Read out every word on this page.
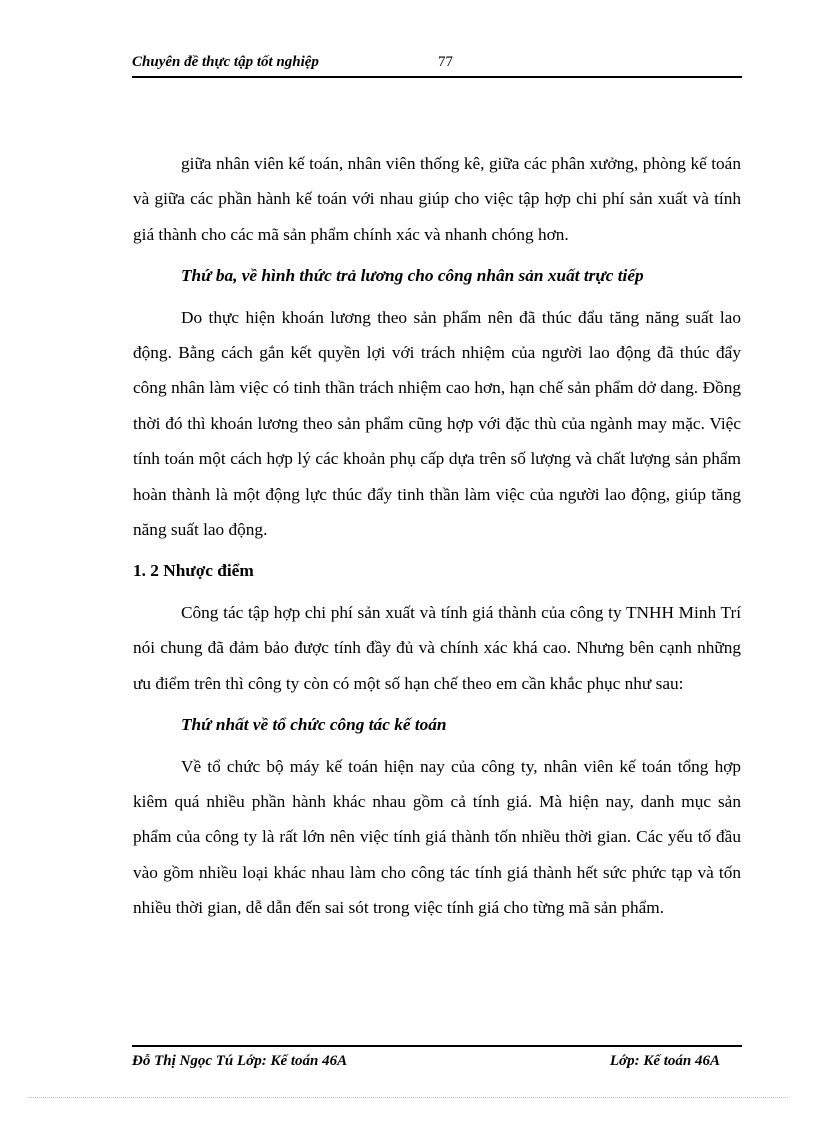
Chuyên đề thực tập tốt nghiệp	77

giữa nhân viên kế toán, nhân viên thống kê, giữa các phân xưởng, phòng kế toán và giữa các phần hành kế toán với nhau giúp cho việc tập hợp chi phí sản xuất và tính giá thành cho các mã sản phẩm chính xác và nhanh chóng hơn.

Thứ ba, về hình thức trả lương cho công nhân sản xuất trực tiếp

Do thực hiện khoán lương theo sản phẩm nên đã thúc đẩu tăng năng suất lao động. Bằng cách gắn kết quyền lợi với trách nhiệm của người lao động đã thúc đẩy công nhân làm việc có tinh thần trách nhiệm cao hơn, hạn chế sản phẩm dở dang. Đồng thời đó thì khoán lương theo sản phẩm cũng hợp với đặc thù của ngành may mặc. Việc tính toán một cách hợp lý các khoản phụ cấp dựa trên số lượng và chất lượng sản phẩm hoàn thành là một động lực thúc đẩy tinh thần làm việc của người lao động, giúp tăng năng suất lao động.

1. 2 Nhược điểm

Công tác tập hợp chi phí sản xuất và tính giá thành của công ty TNHH Minh Trí nói chung đã đảm bảo được tính đầy đủ và chính xác khá cao. Nhưng bên cạnh những ưu điểm trên thì công ty còn có một số hạn chế theo em cần khắc phục như sau:

Thứ nhất về tổ chức công tác kế toán

Về tổ chức bộ máy kế toán hiện nay của công ty, nhân viên kế toán tổng hợp kiêm quá nhiều phần hành khác nhau gồm cả tính giá. Mà hiện nay, danh mục sản phẩm của công ty là rất lớn nên việc tính giá thành tốn nhiều thời gian. Các yếu tố đầu vào gồm nhiều loại khác nhau làm cho công tác tính giá thành hết sức phức tạp và tốn nhiều thời gian, dễ dẫn đến sai sót trong việc tính giá cho từng mã sản phẩm.

Đỗ Thị Ngọc Tú Lớp: Kế toán 46A	Lớp: Kế toán 46A
